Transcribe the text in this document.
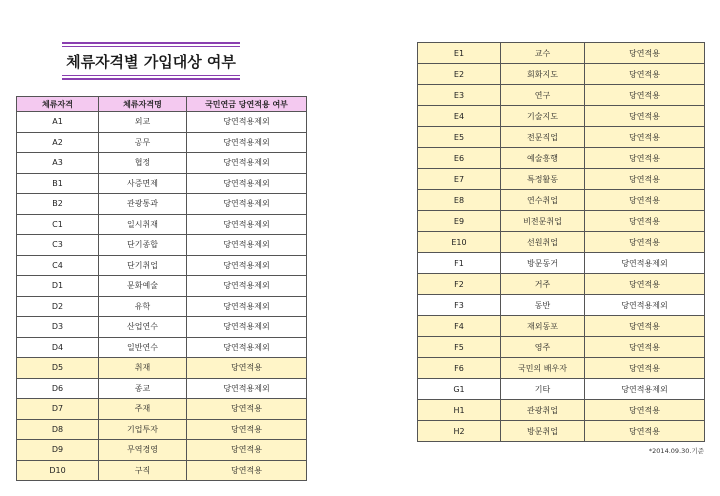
체류자격별 가입대상 여부
체류자격	체류자격명	국민연금 당연적용 여부
A1	외교	당연적용제외
A2	공무	당연적용제외
A3	협정	당연적용제외
B1	사증면제	당연적용제외
B2	관광통과	당연적용제외
C1	일시취재	당연적용제외
C3	단기종합	당연적용제외
C4	단기취업	당연적용제외
D1	문화예술	당연적용제외
D2	유학	당연적용제외
D3	산업연수	당연적용제외
D4	일반연수	당연적용제외
D5	취재	당연적용
D6	종교	당연적용제외
D7	주재	당연적용
D8	기업투자	당연적용
D9	무역경영	당연적용
D10	구직	당연적용
E1	교수	당연적용
E2	회화지도	당연적용
E3	연구	당연적용
E4	기술지도	당연적용
E5	전문직업	당연적용
E6	예술흥행	당연적용
E7	특정활동	당연적용
E8	연수취업	당연적용
E9	비전문취업	당연적용
E10	선원취업	당연적용
F1	방문동거	당연적용제외
F2	거주	당연적용
F3	동반	당연적용제외
F4	재외동포	당연적용
F5	영주	당연적용
F6	국민의 배우자	당연적용
G1	기타	당연적용제외
H1	관광취업	당연적용
H2	방문취업	당연적용
*2014.09.30.기준
